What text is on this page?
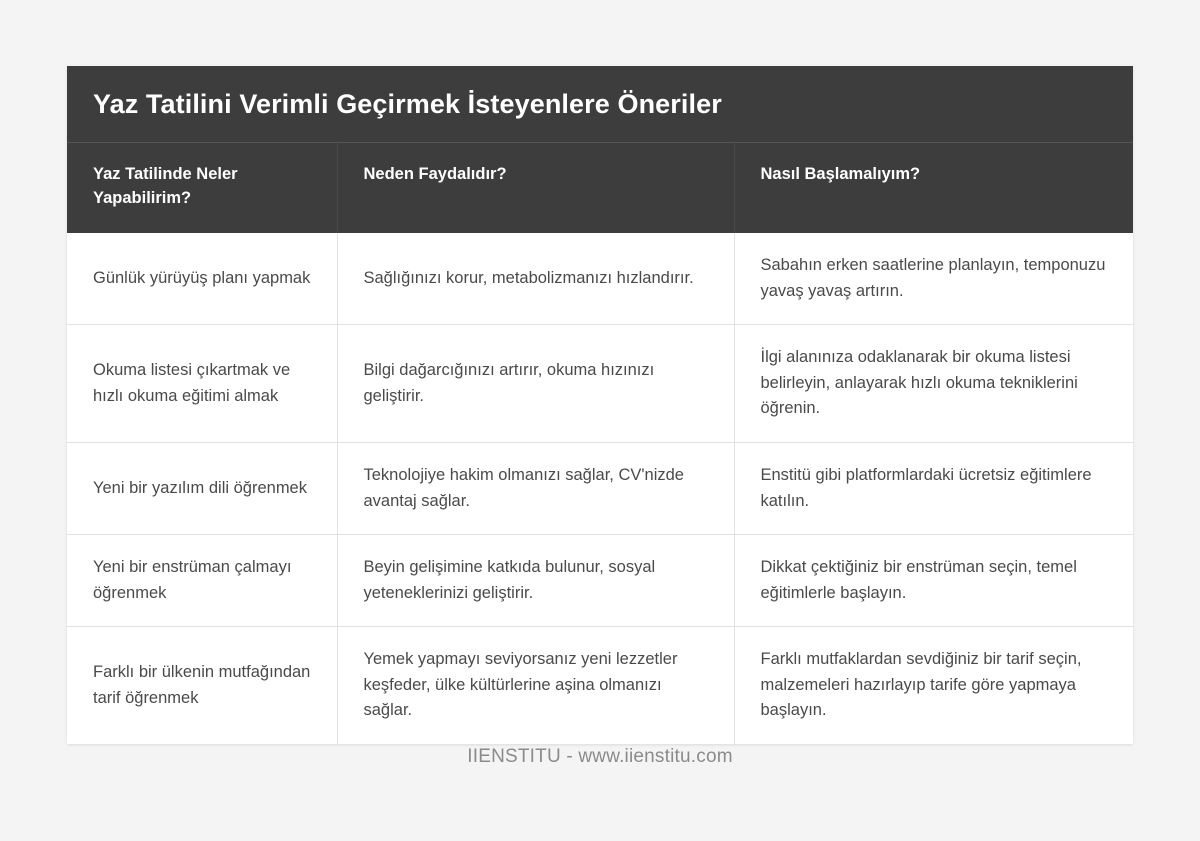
Yaz Tatilini Verimli Geçirmek İsteyenlere Öneriler
Yaz Tatilinde Neler Yapabilirim?	Neden Faydalıdır?	Nasıl Başlamalıyım?
Günlük yürüyüş planı yapmak	Sağlığınızı korur, metabolizmanızı hızlandırır.	Sabahın erken saatlerine planlayın, temponuzu yavaş yavaş artırın.
Okuma listesi çıkartmak ve hızlı okuma eğitimi almak	Bilgi dağarcığınızı artırır, okuma hızınızı geliştirir.	İlgi alanınıza odaklanarak bir okuma listesi belirleyin, anlayarak hızlı okuma tekniklerini öğrenin.
Yeni bir yazılım dili öğrenmek	Teknolojiye hakim olmanızı sağlar, CV'nizde avantaj sağlar.	Enstitü gibi platformlardaki ücretsiz eğitimlere katılın.
Yeni bir enstrüman çalmayı öğrenmek	Beyin gelişimine katkıda bulunur, sosyal yeteneklerinizi geliştirir.	Dikkat çektiğiniz bir enstrüman seçin, temel eğitimlerle başlayın.
Farklı bir ülkenin mutfağından tarif öğrenmek	Yemek yapmayı seviyorsanız yeni lezzetler keşfeder, ülke kültürlerine aşina olmanızı sağlar.	Farklı mutfaklardan sevdiğiniz bir tarif seçin, malzemeleri hazırlayıp tarife göre yapmaya başlayın.
IIENSTITU - www.iienstitu.com
